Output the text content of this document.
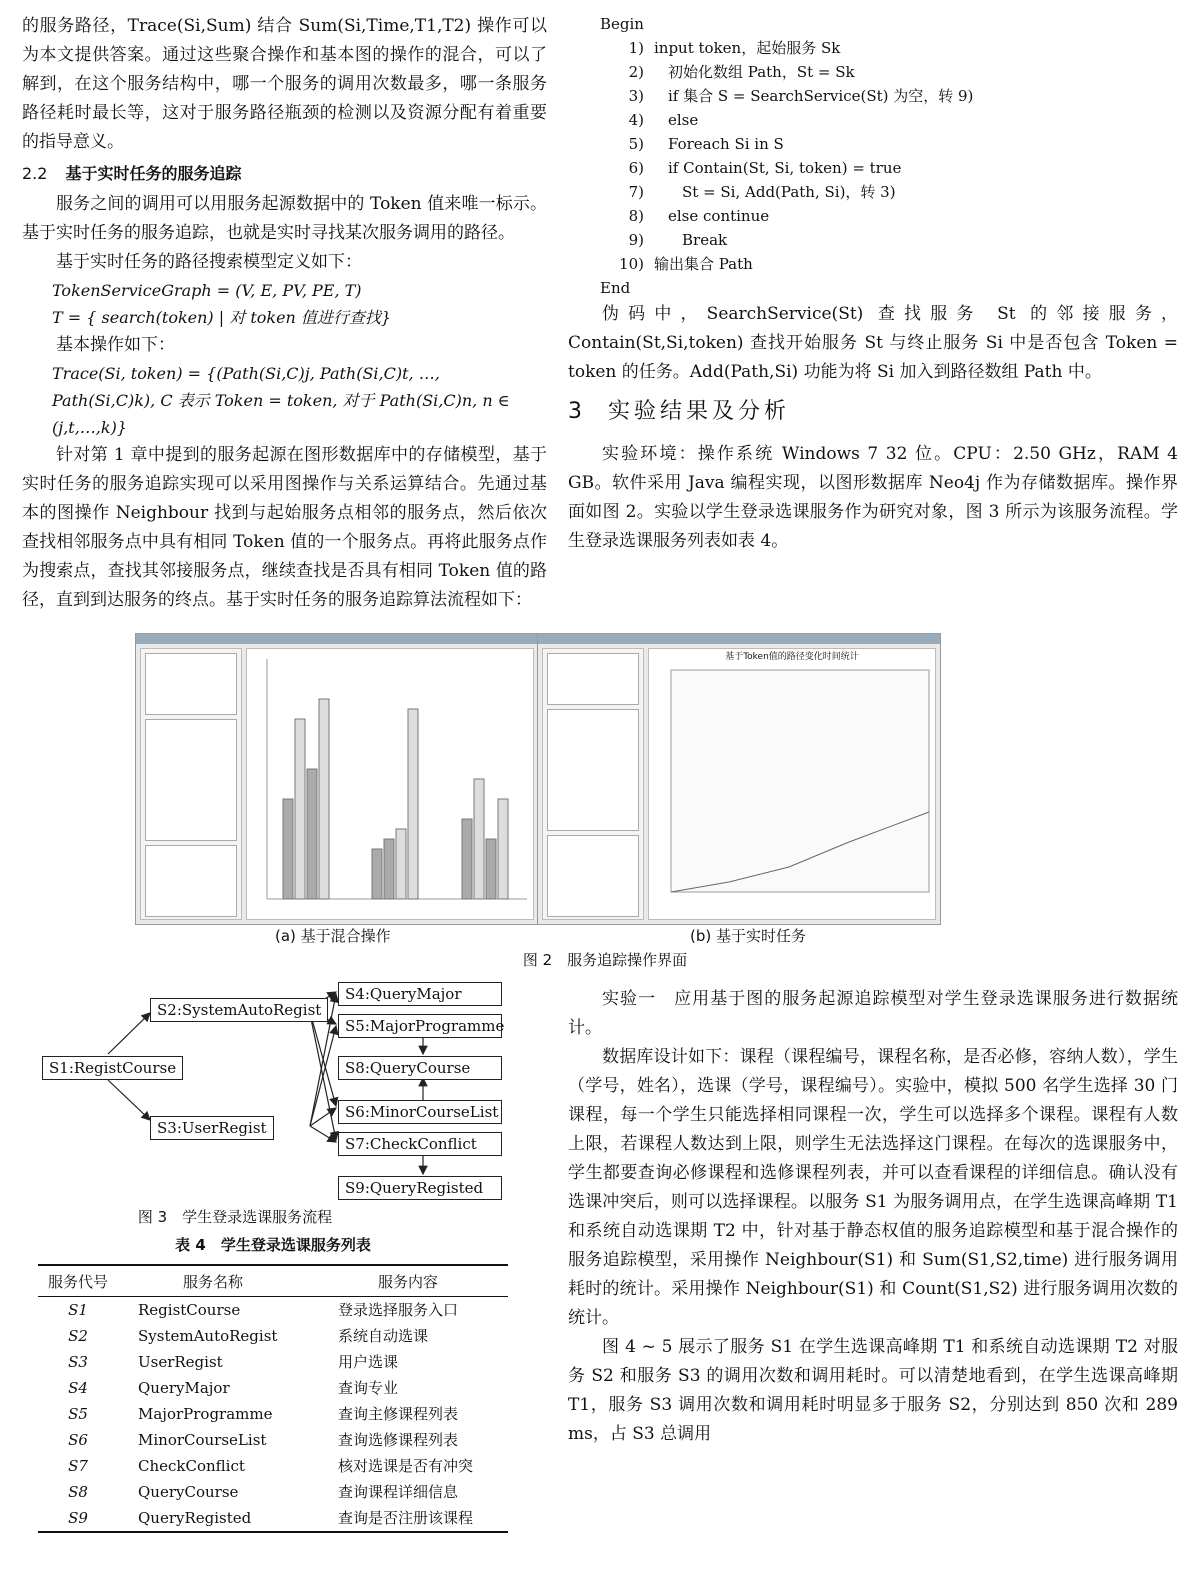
的服务路径，Trace(Si,Sum) 结合 Sum(Si,Time,T1,T2) 操作可以为本文提供答案。通过这些聚合操作和基本图的操作的混合，可以了解到，在这个服务结构中，哪一个服务的调用次数最多，哪一条服务路径耗时最长等，这对于服务路径瓶颈的检测以及资源分配有着重要的指导意义。

2.2 基于实时任务的服务追踪

服务之间的调用可以用服务起源数据中的 Token 值来唯一标示。基于实时任务的服务追踪，也就是实时寻找某次服务调用的路径。

基于实时任务的路径搜索模型定义如下：

TokenServiceGraph = (V, E, PV, PE, T)
T = { search(token) | 对 token 值进行查找}

基本操作如下：

Trace(Si, token) = {(Path(Si,C)j, Path(Si,C)t, …, Path(Si,C)k), C 表示 Token = token, 对于 Path(Si,C)n, n ∈ (j,t,…,k)}

针对第 1 章中提到的服务起源在图形数据库中的存储模型，基于实时任务的服务追踪实现可以采用图操作与关系运算结合。先通过基本的图操作 Neighbour 找到与起始服务点相邻的服务点，然后依次查找相邻服务点中具有相同 Token 值的一个服务点。再将此服务点作为搜索点，查找其邻接服务点，继续查找是否具有相同 Token 值的路径，直到到达服务的终点。基于实时任务的服务追踪算法流程如下：

Begin
1) input token，起始服务 Sk
2) 初始化数组 Path，St = Sk
3) if 集合 S = SearchService(St) 为空，转 9)
4) else
5) Foreach Si in S
6) if Contain(St, Si, token) = true
7)	St = Si, Add(Path, Si)，转 3)
8) else continue
9)	Break
10) 输出集合 Path
End

伪码中，SearchService(St) 查找服务 St 的邻接服务，Contain(St,Si,token) 查找开始服务 St 与终止服务 Si 中是否包含 Token = token 的任务。Add(Path,Si) 功能为将 Si 加入到路径数组 Path 中。

3 实验结果及分析

实验环境：操作系统 Windows 7 32 位。CPU：2.50 GHz，RAM 4 GB。软件采用 Java 编程实现，以图形数据库 Neo4j 作为存储数据库。操作界面如图 2。实验以学生登录选课服务作为研究对象，图 3 所示为该服务流程。学生登录选课服务列表如表 4。

基于Token值的路径变化时间统计
(a) 基于混合操作	(b) 基于实时任务
图 2　服务追踪操作界面
S1:RegistCourse
S2:SystemAutoRegist
S3:UserRegist
S4:QueryMajor
S5:MajorProgramme
S8:QueryCourse
S6:MinorCourseList
S7:CheckConflict
S9:QueryRegisted
图 3　学生登录选课服务流程
表 4　学生登录选课服务列表
服务代号	服务名称	服务内容
S1	RegistCourse	登录选择服务入口
S2	SystemAutoRegist	系统自动选课
S3	UserRegist	用户选课
S4	QueryMajor	查询专业
S5	MajorProgramme	查询主修课程列表
S6	MinorCourseList	查询选修课程列表
S7	CheckConflict	核对选课是否有冲突
S8	QueryCourse	查询课程详细信息
S9	QueryRegisted	查询是否注册该课程

实验一　应用基于图的服务起源追踪模型对学生登录选课服务进行数据统计。

数据库设计如下：课程（课程编号，课程名称，是否必修，容纳人数），学生（学号，姓名），选课（学号，课程编号）。实验中，模拟 500 名学生选择 30 门课程，每一个学生只能选择相同课程一次，学生可以选择多个课程。课程有人数上限，若课程人数达到上限，则学生无法选择这门课程。在每次的选课服务中，学生都要查询必修课程和选修课程列表，并可以查看课程的详细信息。确认没有选课冲突后，则可以选择课程。以服务 S1 为服务调用点，在学生选课高峰期 T1 和系统自动选课期 T2 中，针对基于静态权值的服务追踪模型和基于混合操作的服务追踪模型，采用操作 Neighbour(S1) 和 Sum(S1,S2,time) 进行服务调用耗时的统计。采用操作 Neighbour(S1) 和 Count(S1,S2) 进行服务调用次数的统计。

图 4 ~ 5 展示了服务 S1 在学生选课高峰期 T1 和系统自动选课期 T2 对服务 S2 和服务 S3 的调用次数和调用耗时。可以清楚地看到，在学生选课高峰期 T1，服务 S3 调用次数和调用耗时明显多于服务 S2，分别达到 850 次和 289 ms，占 S3 总调用
